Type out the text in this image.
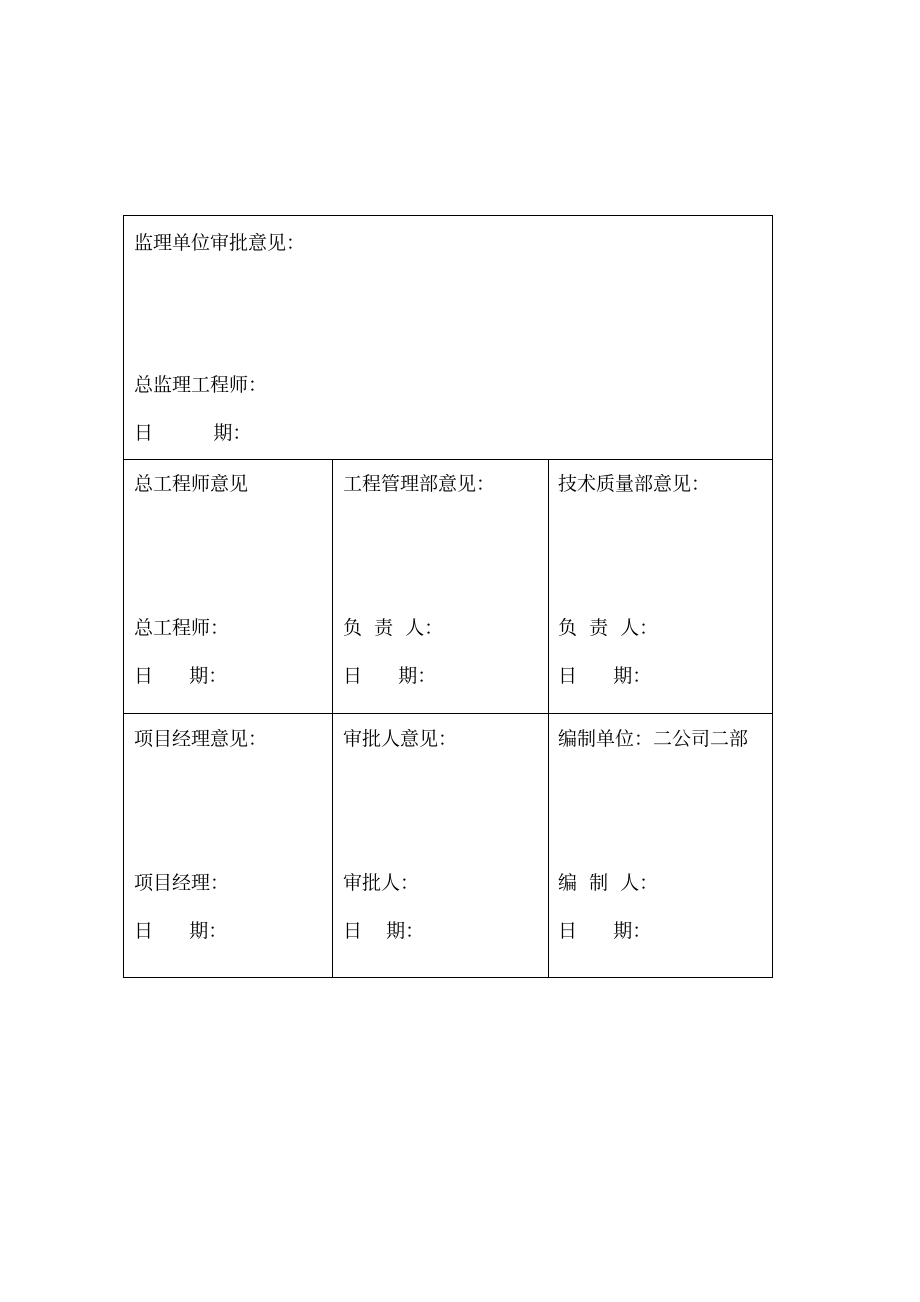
监理单位审批意见：
总监理工程师：
日          期：
总工程师意见
总工程师：
日      期：
工程管理部意见：
负  责  人：
日      期：
技术质量部意见：
负  责  人：
日      期：
项目经理意见：
项目经理：
日      期：
审批人意见：
审批人：
日    期：
编制单位：二公司二部
编  制  人：
日      期：
